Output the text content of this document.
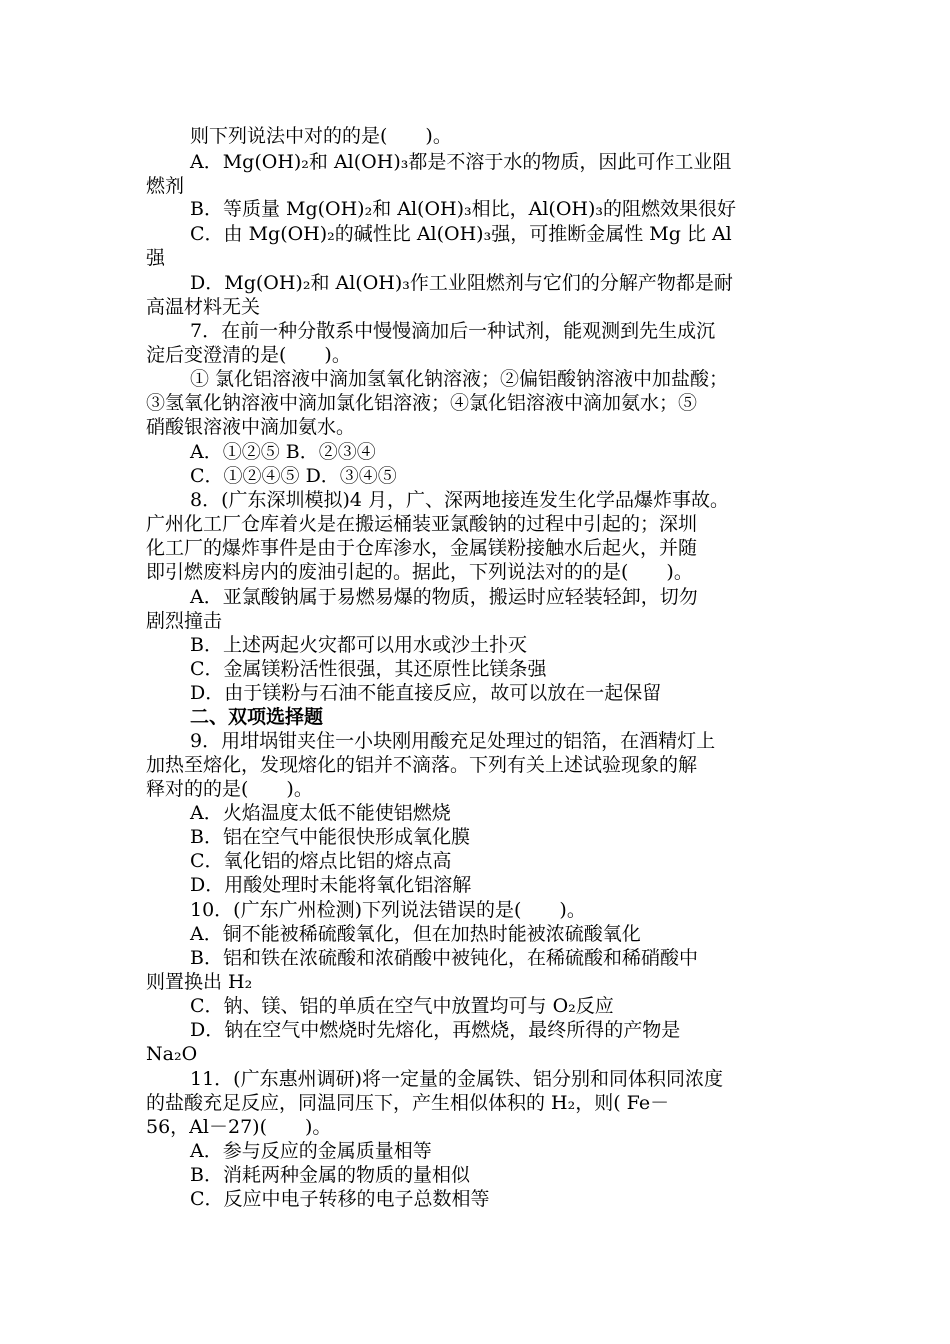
则下列说法中对的的是(　　)。
A．Mg(OH)₂和 Al(OH)₃都是不溶于水的物质，因此可作工业阻
燃剂
B．等质量 Mg(OH)₂和 Al(OH)₃相比，Al(OH)₃的阻燃效果很好
C．由 Mg(OH)₂的碱性比 Al(OH)₃强，可推断金属性 Mg 比 Al
强
D．Mg(OH)₂和 Al(OH)₃作工业阻燃剂与它们的分解产物都是耐
高温材料无关
7．在前一种分散系中慢慢滴加后一种试剂，能观测到先生成沉
淀后变澄清的是(　　)。
① 氯化铝溶液中滴加氢氧化钠溶液；②偏铝酸钠溶液中加盐酸；
③氢氧化钠溶液中滴加氯化铝溶液；④氯化铝溶液中滴加氨水；⑤
硝酸银溶液中滴加氨水。
A．①②⑤ B．②③④
C．①②④⑤ D．③④⑤
8．(广东深圳模拟)4 月，广、深两地接连发生化学品爆炸事故。
广州化工厂仓库着火是在搬运桶装亚氯酸钠的过程中引起的；深圳
化工厂的爆炸事件是由于仓库渗水，金属镁粉接触水后起火，并随
即引燃废料房内的废油引起的。据此，下列说法对的的是(　　)。
A．亚氯酸钠属于易燃易爆的物质，搬运时应轻装轻卸，切勿
剧烈撞击
B．上述两起火灾都可以用水或沙土扑灭
C．金属镁粉活性很强，其还原性比镁条强
D．由于镁粉与石油不能直接反应，故可以放在一起保留
二、双项选择题
9．用坩埚钳夹住一小块刚用酸充足处理过的铝箔，在酒精灯上
加热至熔化，发现熔化的铝并不滴落。下列有关上述试验现象的解
释对的的是(　　)。
A．火焰温度太低不能使铝燃烧
B．铝在空气中能很快形成氧化膜
C．氧化铝的熔点比铝的熔点高
D．用酸处理时未能将氧化铝溶解
10．(广东广州检测)下列说法错误的是(　　)。
A．铜不能被稀硫酸氧化，但在加热时能被浓硫酸氧化
B．铝和铁在浓硫酸和浓硝酸中被钝化，在稀硫酸和稀硝酸中
则置换出 H₂
C．钠、镁、铝的单质在空气中放置均可与 O₂反应
D．钠在空气中燃烧时先熔化，再燃烧，最终所得的产物是
Na₂O
11．(广东惠州调研)将一定量的金属铁、铝分别和同体积同浓度
的盐酸充足反应，同温同压下，产生相似体积的 H₂，则( Fe－
56，Al－27)(　　)。
A．参与反应的金属质量相等
B．消耗两种金属的物质的量相似
C．反应中电子转移的电子总数相等
